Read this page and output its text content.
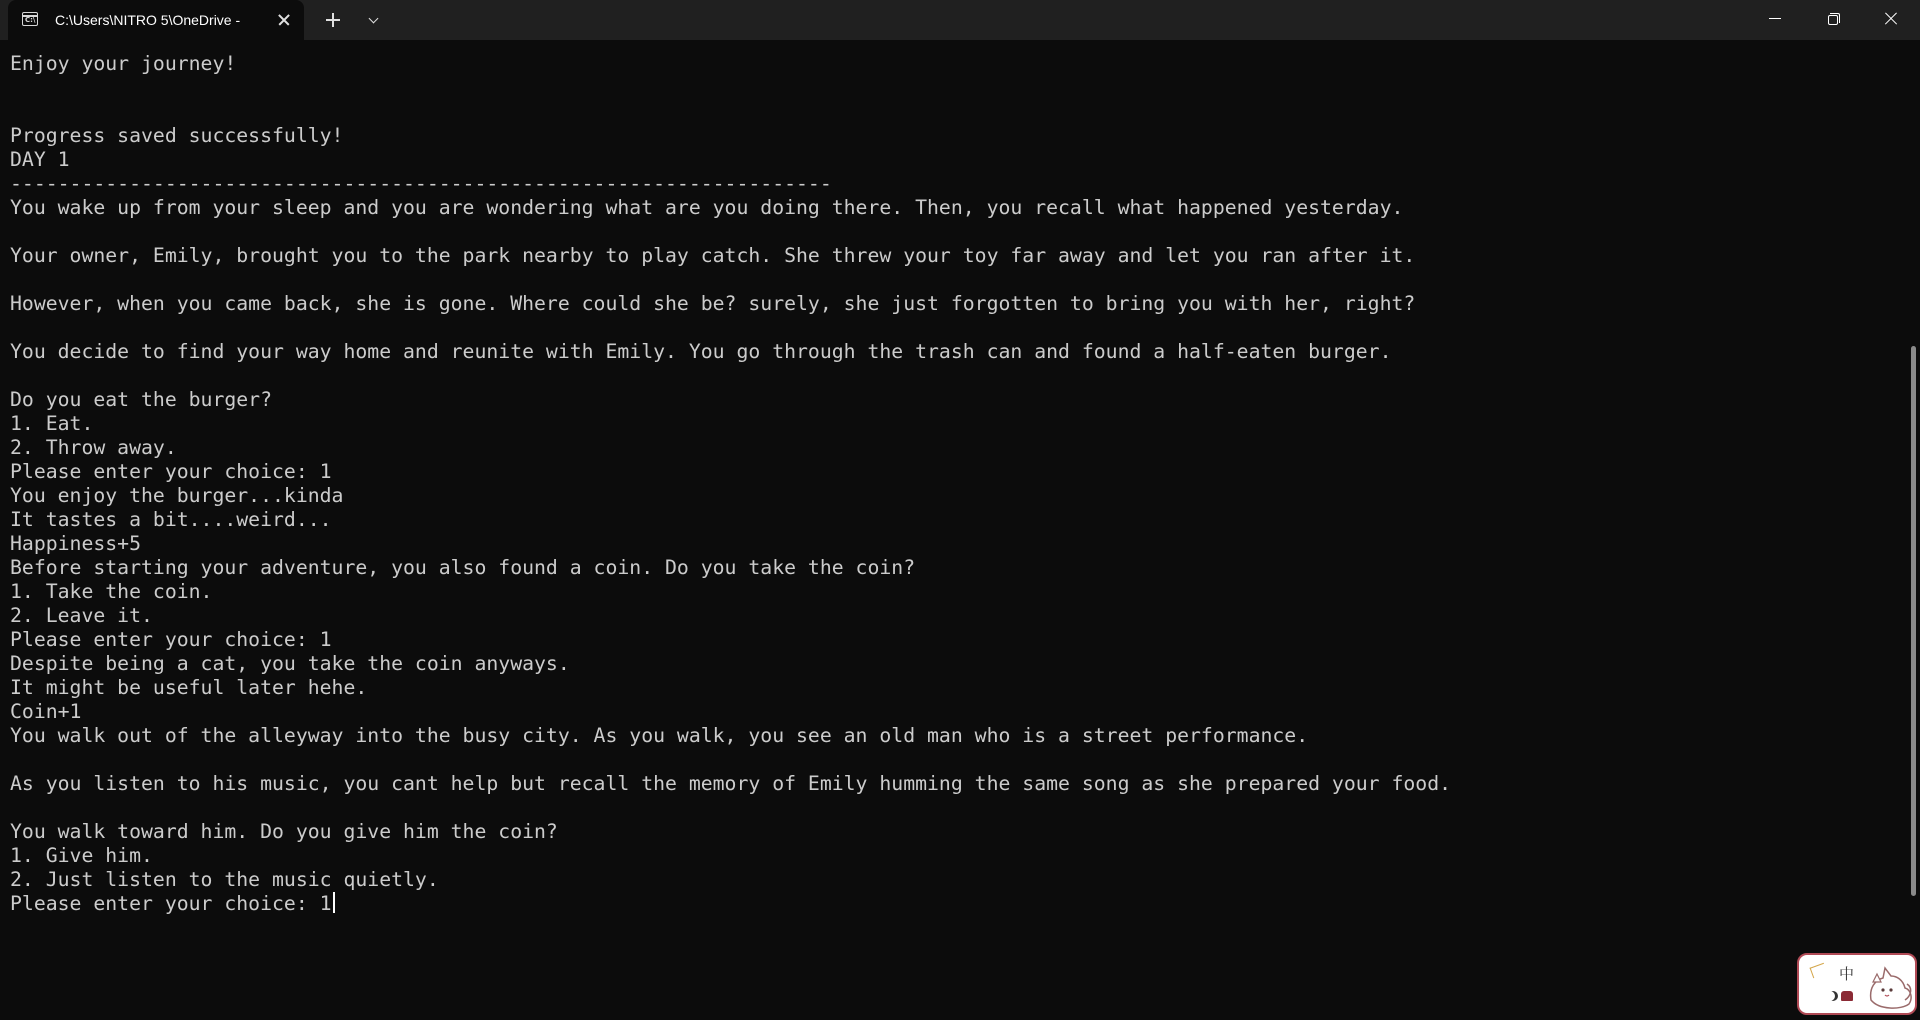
C:\ C:\Users\NITRO 5\OneDrive -
Enjoy your journey!
Progress saved successfully!
DAY 1
---------------------------------------------------------------------
You wake up from your sleep and you are wondering what are you doing there. Then, you recall what happened yesterday.
Your owner, Emily, brought you to the park nearby to play catch. She threw your toy far away and let you ran after it.
However, when you came back, she is gone. Where could she be? surely, she just forgotten to bring you with her, right?
You decide to find your way home and reunite with Emily. You go through the trash can and found a half-eaten burger.
Do you eat the burger?
1. Eat.
2. Throw away.
Please enter your choice: 1
You enjoy the burger...kinda
It tastes a bit....weird...
Happiness+5
Before starting your adventure, you also found a coin. Do you take the coin?
1. Take the coin.
2. Leave it.
Please enter your choice: 1
Despite being a cat, you take the coin anyways.
It might be useful later hehe.
Coin+1
You walk out of the alleyway into the busy city. As you walk, you see an old man who is a street performance.
As you listen to his music, you cant help but recall the memory of Emily humming the same song as she prepared your food.
You walk toward him. Do you give him the coin?
1. Give him.
2. Just listen to the music quietly.
Please enter your choice: 1
中
